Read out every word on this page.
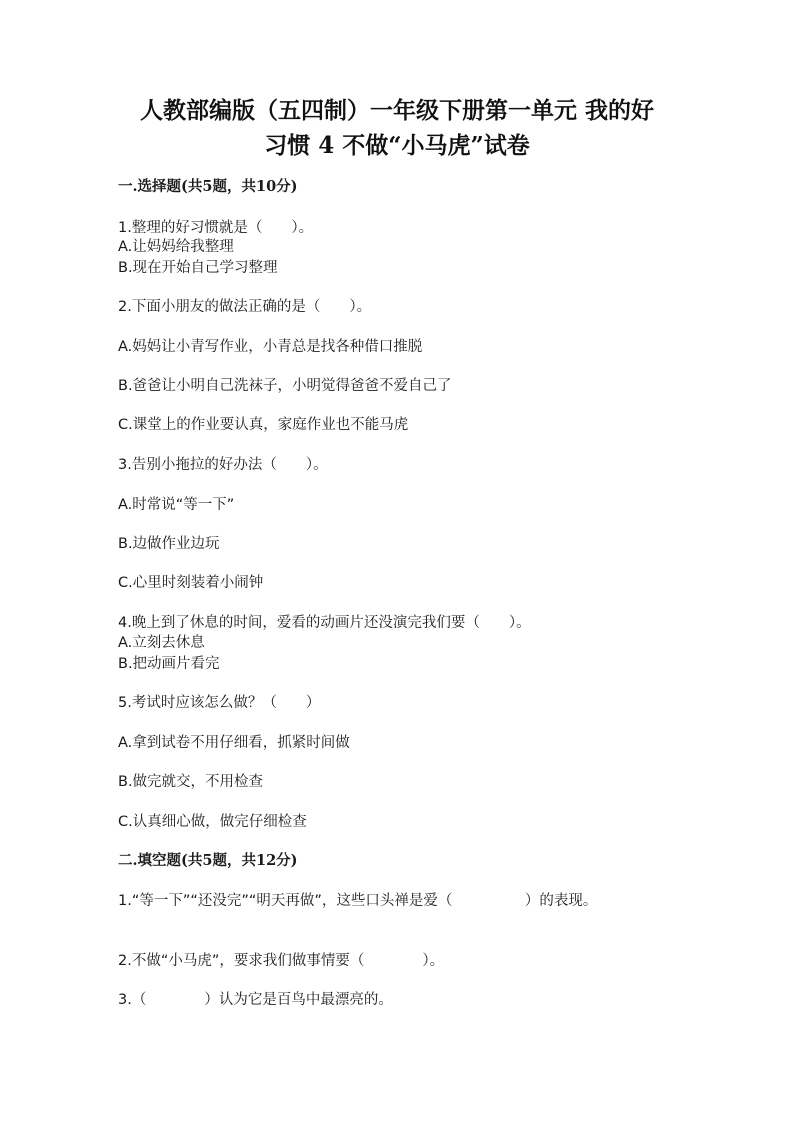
人教部编版（五四制）一年级下册第一单元 我的好
习惯 4 不做“小马虎”试卷
一.选择题(共5题，共10分)
1.整理的好习惯就是（　　）。
A.让妈妈给我整理
B.现在开始自己学习整理
2.下面小朋友的做法正确的是（　　）。
A.妈妈让小青写作业，小青总是找各种借口推脱
B.爸爸让小明自己洗袜子，小明觉得爸爸不爱自己了
C.课堂上的作业要认真，家庭作业也不能马虎
3.告别小拖拉的好办法（　　）。
A.时常说“等一下”
B.边做作业边玩
C.心里时刻装着小闹钟
4.晚上到了休息的时间，爱看的动画片还没演完我们要（　　）。
A.立刻去休息
B.把动画片看完
5.考试时应该怎么做？（　　）
A.拿到试卷不用仔细看，抓紧时间做
B.做完就交，不用检查
C.认真细心做，做完仔细检查
二.填空题(共5题，共12分)
1.“等一下”“还没完”“明天再做”，这些口头禅是爱（　　　　　）的表现。
2.不做“小马虎”，要求我们做事情要（　　　　）。
3.（　　　　）认为它是百鸟中最漂亮的。
